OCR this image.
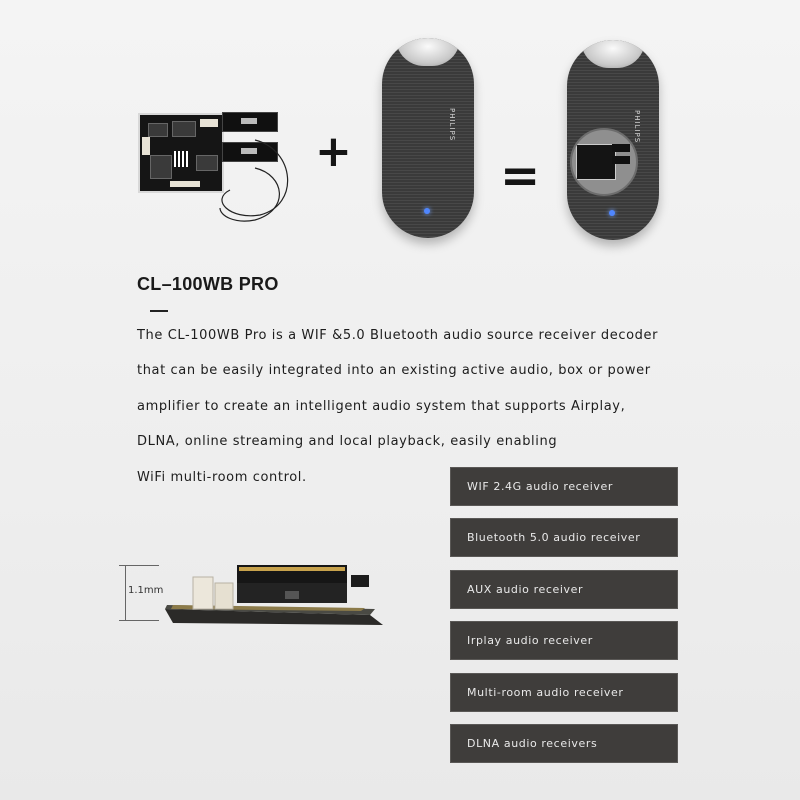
+
PHILIPS
=
PHILIPS
CL–100WB PRO

The CL-100WB Pro is a WIF &5.0 Bluetooth audio source receiver decoder

that can be easily integrated into an existing active audio, box or power

amplifier to create an intelligent audio system that supports Airplay,

DLNA, online streaming and local playback, easily enabling

WiFi multi-room control.

1.1mm
WIF 2.4G audio receiver
Bluetooth 5.0 audio receiver
AUX audio receiver
Irplay audio receiver
Multi-room audio receiver
DLNA audio receivers
